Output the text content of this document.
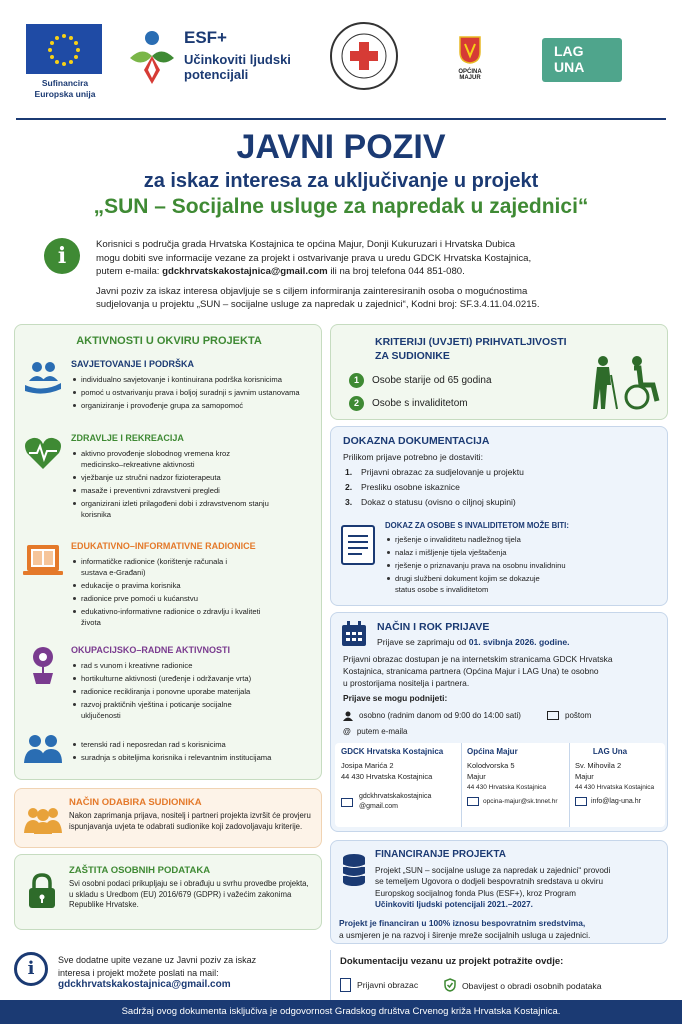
Sufinancira
Europska unija
ESF+
Učinkoviti ljudski
potencijali	OPĆINA
MAJUR
LAG
UNA
JAVNI POZIV
za iskaz interesa za uključivanje u projekt
„SUN – Socijalne usluge za napredak u zajednici“
i	Korisnici s područja grada Hrvatska Kostajnica te općina Majur, Donji Kukuruzari i Hrvatska Dubica
mogu dobiti sve informacije vezane za projekt i ostvarivanje prava u uredu GDCK Hrvatska Kostajnica,
putem e-maila: gdckhrvatskakostajnica@gmail.com ili na broj telefona 044 851-080.
Javni poziv za iskaz interesa objavljuje se s ciljem informiranja zainteresiranih osoba o mogućnostima
sudjelovanja u projektu „SUN – socijalne usluge za napredak u zajednici“, Kodni broj: SF.3.4.11.04.0215.
AKTIVNOSTI U OKVIRU PROJEKTA
SAVJETOVANJE I PODRŠKA
individualno savjetovanje i kontinuirana podrška korisnicima
pomoć u ostvarivanju prava i boljoj suradnji s javnim ustanovama
organiziranje i provođenje grupa za samopomoć
ZDRAVLJE I REKREACIJA
aktivno provođenje slobodnog vremena kroz medicinsko–rekreativne aktivnosti
vježbanje uz stručni nadzor fizioterapeuta
masaže i preventivni zdravstveni pregledi
organizirani izleti prilagođeni dobi i zdravstvenom stanju korisnika
EDUKATIVNO–INFORMATIVNE RADIONICE
informatičke radionice (korištenje računala i sustava e-Građani)
edukacije o pravima korisnika
radionice prve pomoći u kućanstvu
edukativno-informativne radionice o zdravlju i kvaliteti života
OKUPACIJSKO–RADNE AKTIVNOSTI
rad s vunom i kreativne radionice
hortikulturne aktivnosti (uređenje i održavanje vrta)
radionice recikliranja i ponovne uporabe materijala
razvoj praktičnih vještina i poticanje socijalne uključenosti
terenski rad i neposredan rad s korisnicima
suradnja s obiteljima korisnika i relevantnim institucijama
NAČIN ODABIRA SUDIONIKA
Nakon zaprimanja prijava, nositelj i partneri projekta izvršit će provjeru ispunjavanja uvjeta te odabrati sudionike koji zadovoljavaju kriterije.
ZAŠTITA OSOBNIH PODATAKA
Svi osobni podaci prikupljaju se i obrađuju u svrhu provedbe projekta, u skladu s Uredbom (EU) 2016/679 (GDPR) i važećim zakonima Republike Hrvatske.
KRITERIJI (UVJETI) PRIHVATLJIVOSTI
ZA SUDIONIKE
1 Osobe starije od 65 godina
2 Osobe s invaliditetom
DOKAZNA DOKUMENTACIJA
Prilikom prijave potrebno je dostaviti:
1. Prijavni obrazac za sudjelovanje u projektu
2. Presliku osobne iskaznice
3. Dokaz o statusu (ovisno o ciljnoj skupini)
DOKAZ ZA OSOBE S INVALIDITETOM MOŽE BITI:
rješenje o invaliditetu nadležnog tijela
nalaz i mišljenje tijela vještačenja
rješenje o priznavanju prava na osobnu invalidninu
drugi službeni dokument kojim se dokazuje status osobe s invaliditetom
NAČIN I ROK PRIJAVE
Prijave se zaprimaju od 01. svibnja 2026. godine.
Prijavni obrazac dostupan je na internetskim stranicama GDCK Hrvatska
Kostajnica, stranicama partnera (Općina Majur i LAG Una) te osobno
u prostorijama nositelja i partnera.
Prijave se mogu podnijeti:
osobno (radnim danom od 9:00 do 14:00 sati)	poštom
@ putem e-maila
GDCK Hrvatska Kostajnica
Josipa Marića 2
44 430 Hrvatska Kostajnica
gdckhrvatskakostajnica @gmail.com
Općina Majur
Kolodvorska 5
Majur
44 430 Hrvatska Kostajnica
opcina-majur@sk.tnnet.hr
LAG Una
Sv. Mihovila 2
Majur
44 430 Hrvatska Kostajnica
info@lag-una.hr
FINANCIRANJE PROJEKTA
Projekt „SUN – socijalne usluge za napredak u zajednici“ provodi
se temeljem Ugovora o dodjeli bespovratnih sredstava u okviru
Europskog socijalnog fonda Plus (ESF+), kroz Program
Učinkoviti ljudski potencijali 2021.–2027.
Projekt je financiran u 100% iznosu bespovratnim sredstvima,
a usmjeren je na razvoj i širenje mreže socijalnih usluga u zajednici.
i	Sve dodatne upite vezane uz Javni poziv za iskaz
interesa i projekt možete poslati na mail:
gdckhrvatskakostajnica@gmail.com
Dokumentaciju vezanu uz projekt potražite ovdje:
Prijavni obrazac	Obavijest o obradi osobnih podataka
Sadržaj ovog dokumenta isključiva je odgovornost Gradskog društva Crvenog križa Hrvatska Kostajnica.
